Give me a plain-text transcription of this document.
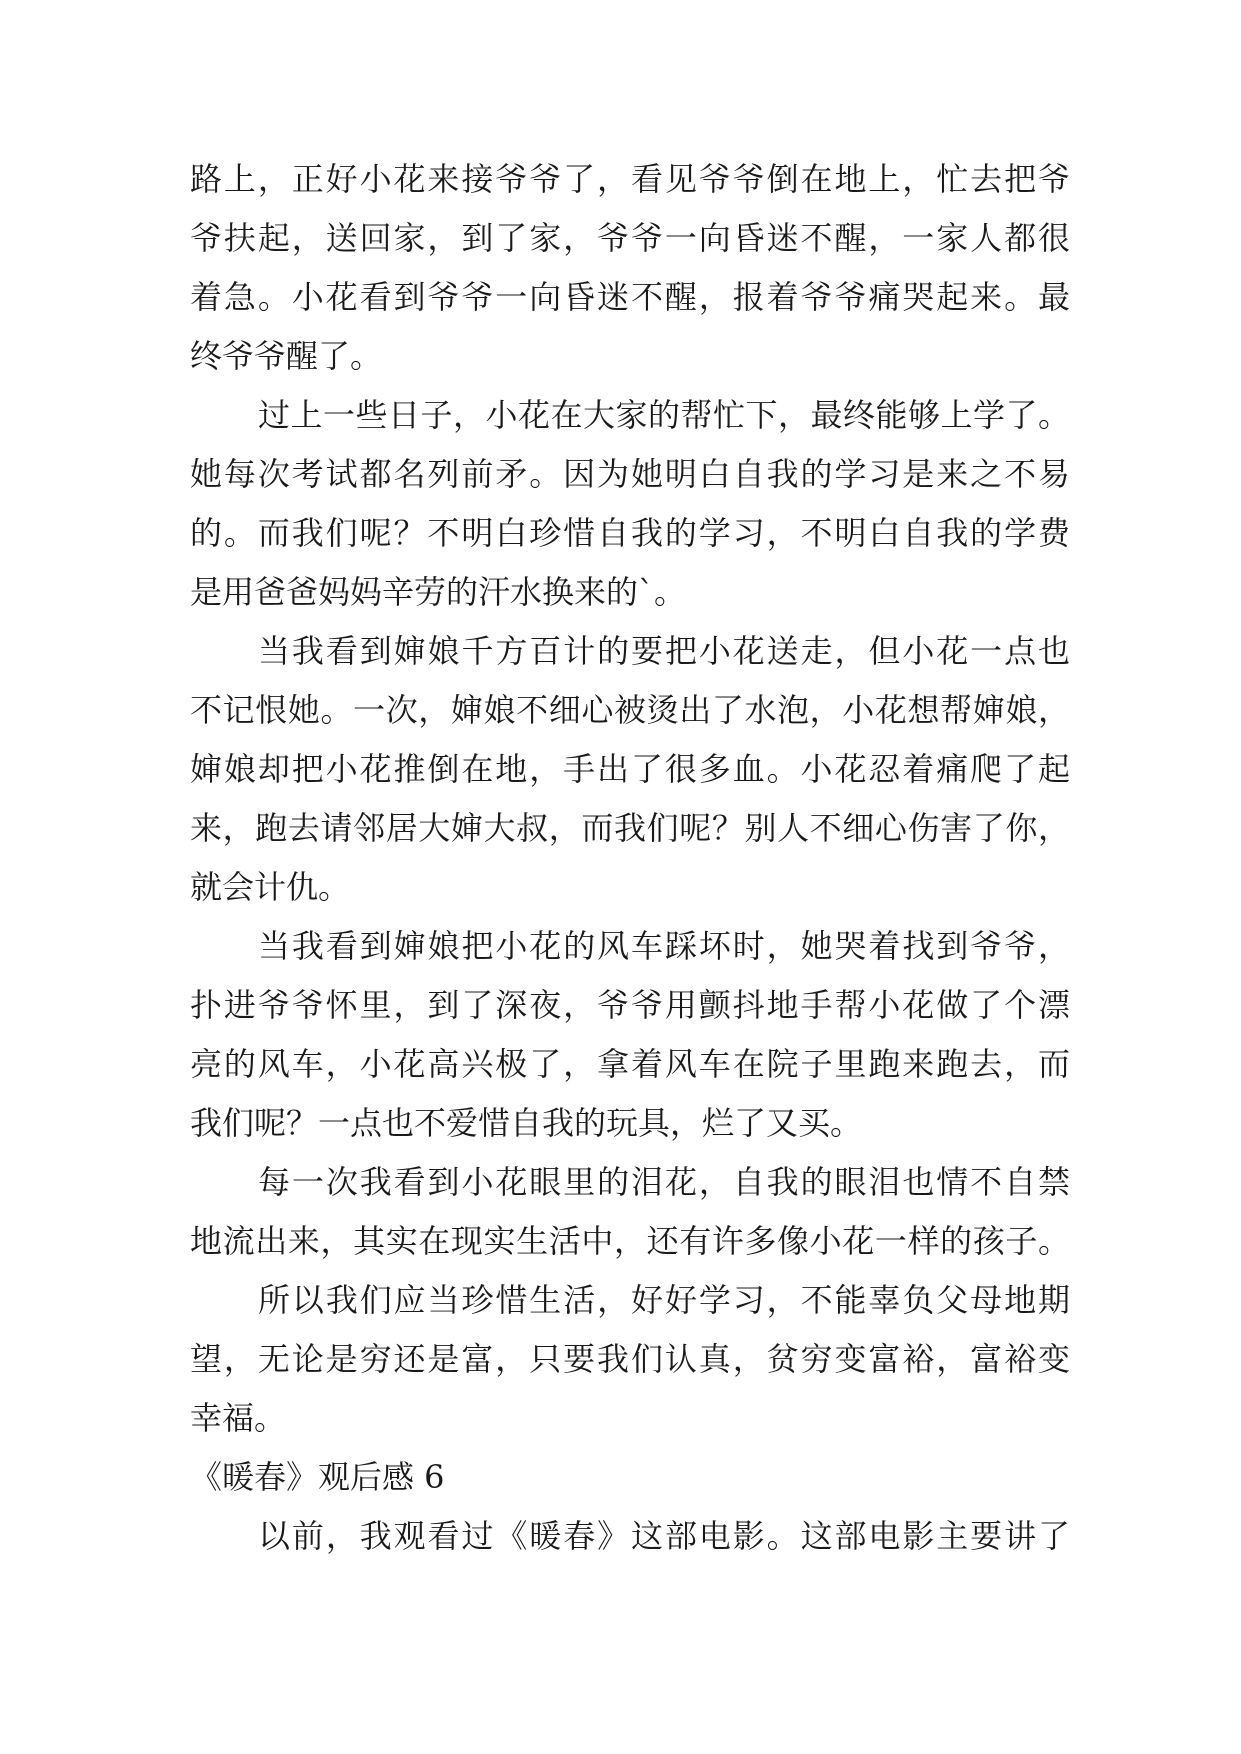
路上，正好小花来接爷爷了，看见爷爷倒在地上，忙去把爷
爷扶起，送回家，到了家，爷爷一向昏迷不醒，一家人都很
着急。小花看到爷爷一向昏迷不醒，报着爷爷痛哭起来。最
终爷爷醒了。
过上一些日子，小花在大家的帮忙下，最终能够上学了。
她每次考试都名列前矛。因为她明白自我的学习是来之不易
的。而我们呢？不明白珍惜自我的学习，不明白自我的学费
是用爸爸妈妈辛劳的汗水换来的`。
当我看到婶娘千方百计的要把小花送走，但小花一点也
不记恨她。一次，婶娘不细心被烫出了水泡，小花想帮婶娘，
婶娘却把小花推倒在地，手出了很多血。小花忍着痛爬了起
来，跑去请邻居大婶大叔，而我们呢？别人不细心伤害了你，
就会计仇。
当我看到婶娘把小花的风车踩坏时，她哭着找到爷爷，
扑进爷爷怀里，到了深夜，爷爷用颤抖地手帮小花做了个漂
亮的风车，小花高兴极了，拿着风车在院子里跑来跑去，而
我们呢？一点也不爱惜自我的玩具，烂了又买。
每一次我看到小花眼里的泪花，自我的眼泪也情不自禁
地流出来，其实在现实生活中，还有许多像小花一样的孩子。
所以我们应当珍惜生活，好好学习，不能辜负父母地期
望，无论是穷还是富，只要我们认真，贫穷变富裕，富裕变
幸福。
《暖春》观后感 6
以前，我观看过《暖春》这部电影。这部电影主要讲了
